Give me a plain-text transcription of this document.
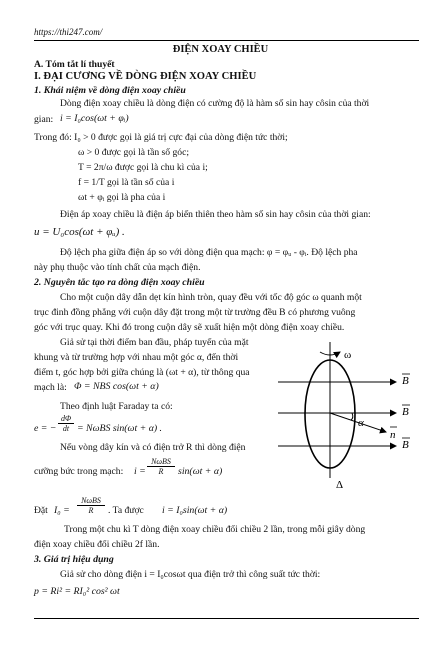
https://thi247.com/
ĐIỆN XOAY CHIỀU
A. Tóm tắt lí thuyết
I. ĐẠI CƯƠNG VỀ DÒNG ĐIỆN XOAY CHIỀU
1. Khái niệm về dòng điện xoay chiều
Dòng điện xoay chiều là dòng điện có cường độ là hàm số sin hay côsin của thời
gian: i = I₀cos(ωt + φᵢ)
Trong đó: I₀ > 0 được gọi là giá trị cực đại của dòng điện tức thời;
ω > 0 được gọi là tần số góc;
T = 2π/ω được gọi là chu kì của i;
f = 1/T gọi là tần số của i
ωt + φᵢ gọi là pha của i
Điện áp xoay chiều là điện áp biến thiên theo hàm số sin hay côsin của thời gian:
u = U₀cos(ωt + φᵤ) .
Độ lệch pha giữa điện áp so với dòng điện qua mạch: φ = φᵤ - φᵢ. Độ lệch pha
này phụ thuộc vào tính chất của mạch điện.
2. Nguyên tắc tạo ra dòng điện xoay chiều
Cho một cuộn dây dẫn dẹt kín hình tròn, quay đều với tốc độ góc ω quanh một
trục đinh đồng phẳng với cuộn dây đặt trong một từ trường đều B có phương vuông
góc với trục quay. Khi đó trong cuộn dây sẽ xuất hiện một dòng điện xoay chiều.
Giả sử tại thời điểm ban đầu, pháp tuyến của mặt
khung và từ trường hợp với nhau một góc α, đến thời
điểm t, góc hợp bởi giữa chúng là (ωt + α), từ thông qua
mạch là: Φ = NBS cos(ωt + α)
Theo định luật Faraday ta có:
e = − $\frac{d\Phi}{dt} = N\omega BS$ sin(ωt + α) .
Nếu vòng dây kín và có điện trở R thì dòng điện
cưỡng bức trong mạch: i =
NωBS
R	sin(ωt + α)
Đặt I₀ =
NωBS
R	. Ta được i = I₀sin(ωt + α)
Trong một chu kì T dòng điện xoay chiều đổi chiều 2 lần, trong mỗi giây dòng
điện xoay chiều đổi chiều 2f lần.
3. Giá trị hiệu dụng
Giả sử cho dòng điện i = I₀cosωt qua điện trở thì công suất tức thời:
p = Ri² = RI₀² cos² ωt
ω
B
B
B
α
n
Δ
